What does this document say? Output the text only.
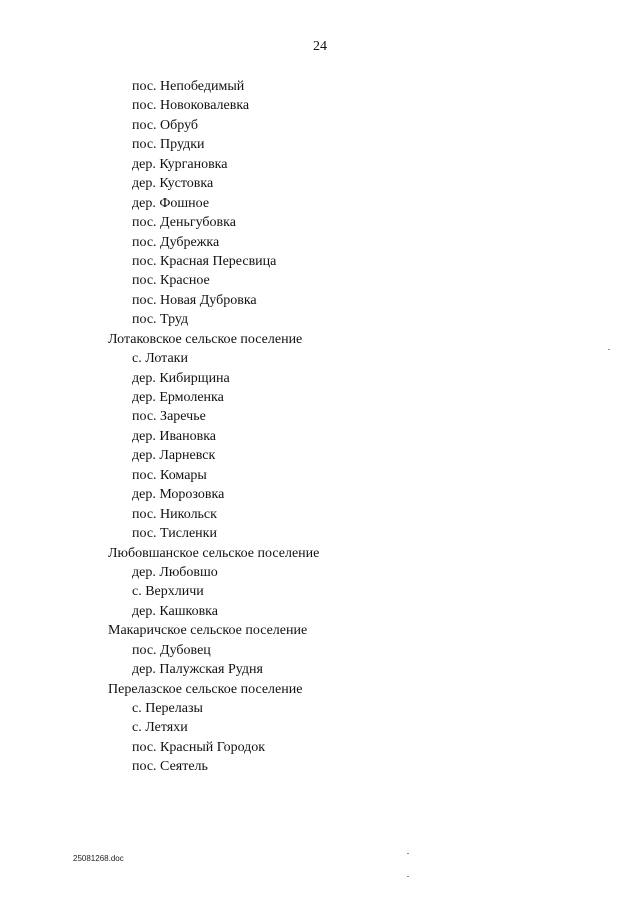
24
пос. Непобедимый
пос. Новоковалевка
пос. Обруб
пос. Прудки
дер. Кургановка
дер. Кустовка
дер. Фошное
пос. Деньгубовка
пос. Дубрежка
пос. Красная Пересвица
пос. Красное
пос. Новая Дубровка
пос. Труд
Лотаковское сельское поселение
с. Лотаки
дер. Кибирщина
дер. Ермоленка
пос. Заречье
дер. Ивановка
дер. Ларневск
пос. Комары
дер. Морозовка
пос. Никольск
пос. Тисленки
Любовшанское сельское поселение
дер. Любовшо
с. Верхличи
дер. Кашковка
Макаричское сельское поселение
пос. Дубовец
дер. Палужская Рудня
Перелазское сельское поселение
с. Перелазы
с. Летяхи
пос. Красный Городок
пос. Сеятель
25081268.doc
